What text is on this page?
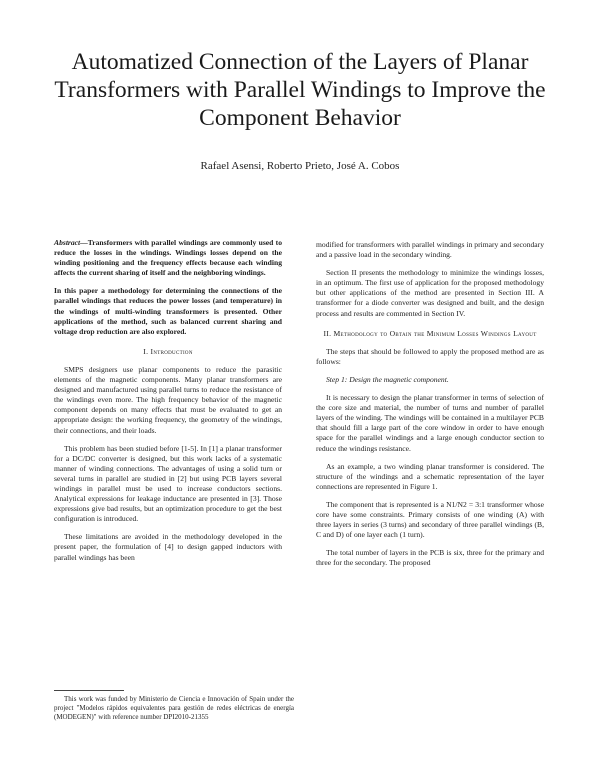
Automatized Connection of the Layers of Planar Transformers with Parallel Windings to Improve the Component Behavior
Rafael Asensi, Roberto Prieto, José A. Cobos

Abstract—Transformers with parallel windings are commonly used to reduce the losses in the windings. Windings losses depend on the winding positioning and the frequency effects because each winding affects the current sharing of itself and the neighboring windings.

In this paper a methodology for determining the connections of the parallel windings that reduces the power losses (and temperature) in the windings of multi-winding transformers is presented. Other applications of the method, such as balanced current sharing and voltage drop reduction are also explored.

I. Introduction

SMPS designers use planar components to reduce the parasitic elements of the magnetic components. Many planar transformers are designed and manufactured using parallel turns to reduce the resistance of the windings even more. The high frequency behavior of the magnetic component depends on many effects that must be evaluated to get an appropriate design: the working frequency, the geometry of the windings, their connections, and their loads.

This problem has been studied before [1-5]. In [1] a planar transformer for a DC/DC converter is designed, but this work lacks of a systematic manner of winding connections. The advantages of using a solid turn or several turns in parallel are studied in [2] but using PCB layers several windings in parallel must be used to increase conductors sections. Analytical expressions for leakage inductance are presented in [3]. Those expressions give bad results, but an optimization procedure to get the best configuration is introduced.

These limitations are avoided in the methodology developed in the present paper, the formulation of [4] to design gapped inductors with parallel windings has been

modified for transformers with parallel windings in primary and secondary and a passive load in the secondary winding.

Section II presents the methodology to minimize the windings losses, in an optimum. The first use of application for the proposed methodology but other applications of the method are presented in Section III. A transformer for a diode converter was designed and built, and the design process and results are commented in Section IV.

II. Methodology to Obtain the Minimum Losses Windings Layout

The steps that should be followed to apply the proposed method are as follows:

Step 1: Design the magnetic component.

It is necessary to design the planar transformer in terms of selection of the core size and material, the number of turns and number of parallel layers of the winding. The windings will be contained in a multilayer PCB that should fill a large part of the core window in order to have enough space for the parallel windings and a large enough conductor section to reduce the windings resistance.

As an example, a two winding planar transformer is considered. The structure of the windings and a schematic representation of the layer connections are represented in Figure 1.

The component that is represented is a N1/N2 = 3:1 transformer whose core have some constraints. Primary consists of one winding (A) with three layers in series (3 turns) and secondary of three parallel windings (B, C and D) of one layer each (1 turn).

The total number of layers in the PCB is six, three for the primary and three for the secondary. The proposed

This work was funded by Ministerio de Ciencia e Innovación of Spain under the project "Modelos rápidos equivalentes para gestión de redes eléctricas de energía (MODEGEN)" with reference number DPI2010-21355
